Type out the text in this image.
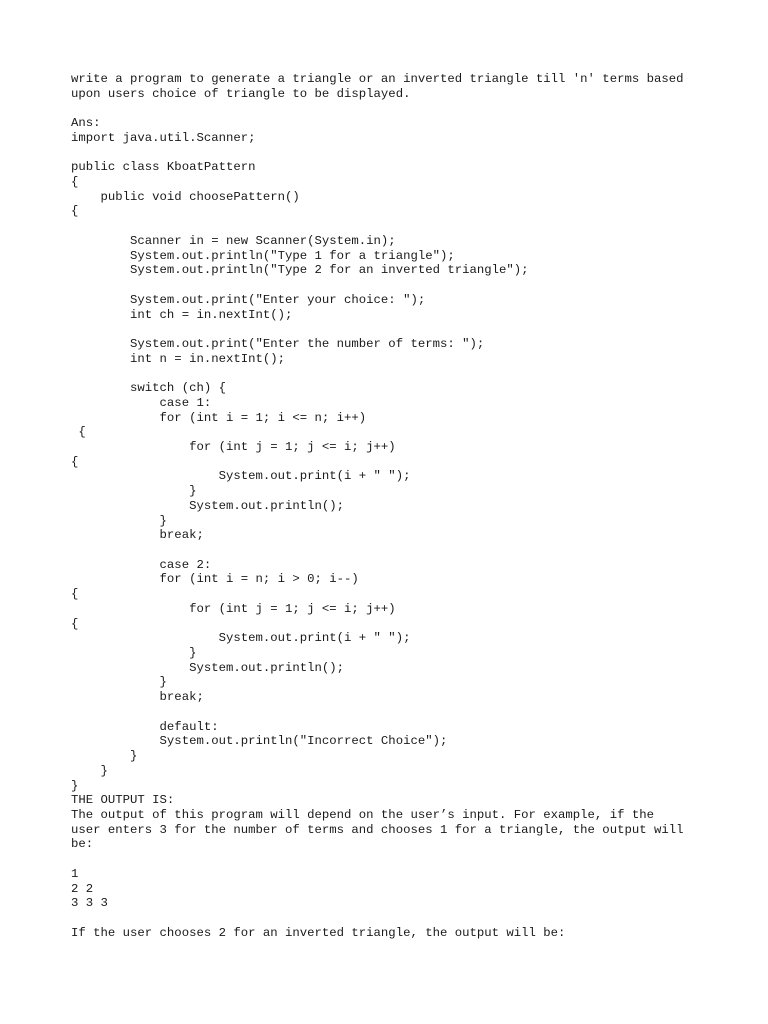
write a program to generate a triangle or an inverted triangle till 'n' terms based
upon users choice of triangle to be displayed.
Ans:
import java.util.Scanner;
public class KboatPattern
{
public void choosePattern()
{
Scanner in = new Scanner(System.in);
System.out.println("Type 1 for a triangle");
System.out.println("Type 2 for an inverted triangle");
System.out.print("Enter your choice: ");
int ch = in.nextInt();
System.out.print("Enter the number of terms: ");
int n = in.nextInt();
switch (ch) {
case 1:
for (int i = 1; i <= n; i++)
{
for (int j = 1; j <= i; j++)
{
System.out.print(i + " ");
}
System.out.println();
}
break;
case 2:
for (int i = n; i > 0; i--)
{
for (int j = 1; j <= i; j++)
{
System.out.print(i + " ");
}
System.out.println();
}
break;
default:
System.out.println("Incorrect Choice");
}
}
}
THE OUTPUT IS:
The output of this program will depend on the user’s input. For example, if the
user enters 3 for the number of terms and chooses 1 for a triangle, the output will
be:
1
2 2
3 3 3
If the user chooses 2 for an inverted triangle, the output will be:
